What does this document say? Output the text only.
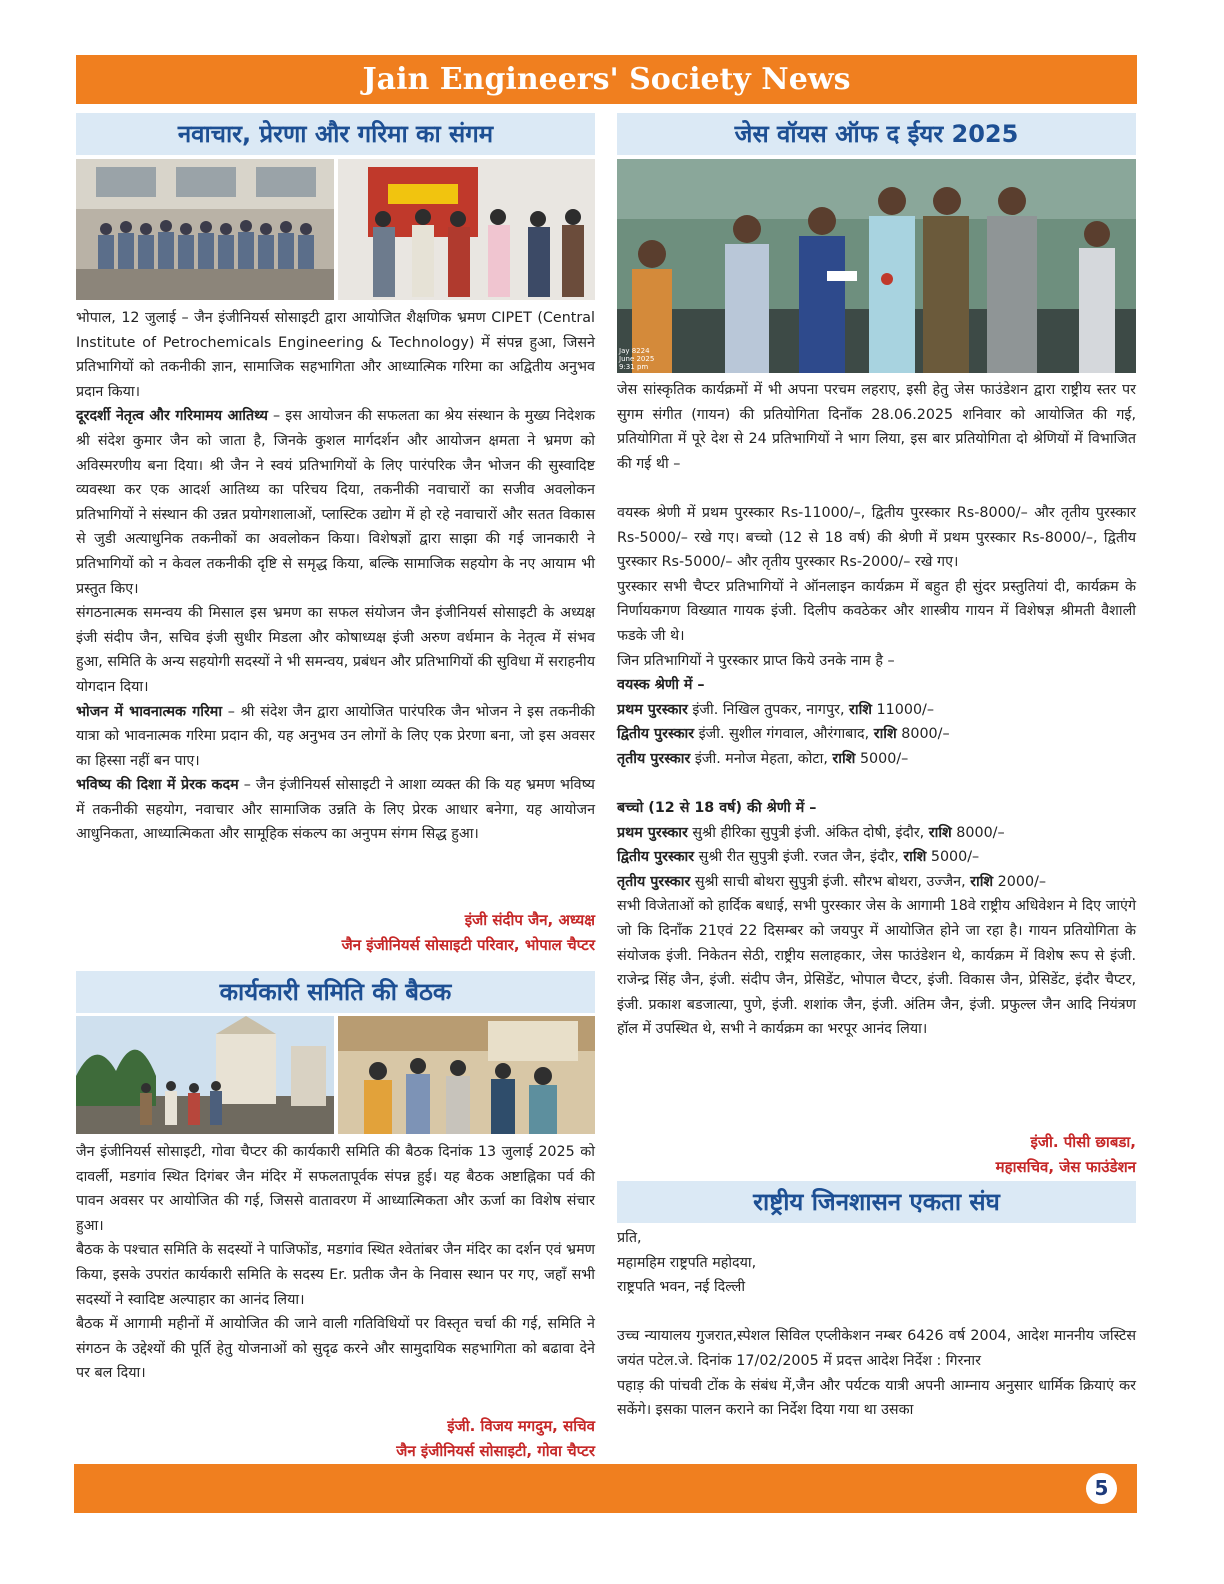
Jain Engineers' Society News
नवाचार, प्रेरणा और गरिमा का संगम

भोपाल, 12 जुलाई – जैन इंजीनियर्स सोसाइटी द्वारा आयोजित शैक्षणिक भ्रमण CIPET (Central Institute of Petrochemicals Engineering & Technology) में संपन्न हुआ, जिसने प्रतिभागियों को तकनीकी ज्ञान, सामाजिक सहभागिता और आध्यात्मिक गरिमा का अद्वितीय अनुभव प्रदान किया।

दूरदर्शी नेतृत्व और गरिमामय आतिथ्य – इस आयोजन की सफलता का श्रेय संस्थान के मुख्य निदेशक श्री संदेश कुमार जैन को जाता है, जिनके कुशल मार्गदर्शन और आयोजन क्षमता ने भ्रमण को अविस्मरणीय बना दिया। श्री जैन ने स्वयं प्रतिभागियों के लिए पारंपरिक जैन भोजन की सुस्वादिष्ट व्यवस्था कर एक आदर्श आतिथ्य का परिचय दिया, तकनीकी नवाचारों का सजीव अवलोकन प्रतिभागियों ने संस्थान की उन्नत प्रयोगशालाओं, प्लास्टिक उद्योग में हो रहे नवाचारों और सतत विकास से जुडी अत्याधुनिक तकनीकों का अवलोकन किया। विशेषज्ञों द्वारा साझा की गई जानकारी ने प्रतिभागियों को न केवल तकनीकी दृष्टि से समृद्ध किया, बल्कि सामाजिक सहयोग के नए आयाम भी प्रस्तुत किए।

संगठनात्मक समन्वय की मिसाल इस भ्रमण का सफल संयोजन जैन इंजीनियर्स सोसाइटी के अध्यक्ष इंजी संदीप जैन, सचिव इंजी सुधीर मिडला और कोषाध्यक्ष इंजी अरुण वर्धमान के नेतृत्व में संभव हुआ, समिति के अन्य सहयोगी सदस्यों ने भी समन्वय, प्रबंधन और प्रतिभागियों की सुविधा में सराहनीय योगदान दिया।

भोजन में भावनात्मक गरिमा – श्री संदेश जैन द्वारा आयोजित पारंपरिक जैन भोजन ने इस तकनीकी यात्रा को भावनात्मक गरिमा प्रदान की, यह अनुभव उन लोगों के लिए एक प्रेरणा बना, जो इस अवसर का हिस्सा नहीं बन पाए।

भविष्य की दिशा में प्रेरक कदम – जैन इंजीनियर्स सोसाइटी ने आशा व्यक्त की कि यह भ्रमण भविष्य में तकनीकी सहयोग, नवाचार और सामाजिक उन्नति के लिए प्रेरक आधार बनेगा, यह आयोजन आधुनिकता, आध्यात्मिकता और सामूहिक संकल्प का अनुपम संगम सिद्ध हुआ।

इंजी संदीप जैन, अध्यक्ष
जैन इंजीनियर्स सोसाइटी परिवार, भोपाल चैप्टर
कार्यकारी समिति की बैठक

जैन इंजीनियर्स सोसाइटी, गोवा चैप्टर की कार्यकारी समिति की बैठक दिनांक 13 जुलाई 2025 को दावर्ली, मडगांव स्थित दिगंबर जैन मंदिर में सफलतापूर्वक संपन्न हुई। यह बैठक अष्टाह्निका पर्व की पावन अवसर पर आयोजित की गई, जिससे वातावरण में आध्यात्मिकता और ऊर्जा का विशेष संचार हुआ।

बैठक के पश्चात समिति के सदस्यों ने पाजिफोंड, मडगांव स्थित श्वेतांबर जैन मंदिर का दर्शन एवं भ्रमण किया, इसके उपरांत कार्यकारी समिति के सदस्य Er. प्रतीक जैन के निवास स्थान पर गए, जहाँ सभी सदस्यों ने स्वादिष्ट अल्पाहार का आनंद लिया।

बैठक में आगामी महीनों में आयोजित की जाने वाली गतिविधियों पर विस्तृत चर्चा की गई, समिति ने संगठन के उद्देश्यों की पूर्ति हेतु योजनाओं को सुदृढ करने और सामुदायिक सहभागिता को बढावा देने पर बल दिया।

इंजी. विजय मगदुम, सचिव
जैन इंजीनियर्स सोसाइटी, गोवा चैप्टर
जेस वॉयस ऑफ द ईयर 2025
Jay 8224 June 2025 9:31 pm

जेस सांस्कृतिक कार्यक्रमों में भी अपना परचम लहराए, इसी हेतु जेस फाउंडेशन द्वारा राष्ट्रीय स्तर पर सुगम संगीत (गायन) की प्रतियोगिता दिनाँक 28.06.2025 शनिवार को आयोजित की गई, प्रतियोगिता में पूरे देश से 24 प्रतिभागियों ने भाग लिया, इस बार प्रतियोगिता दो श्रेणियों में विभाजित की गई थी –

वयस्क श्रेणी में प्रथम पुरस्कार Rs-11000/–, द्वितीय पुरस्कार Rs-8000/– और तृतीय पुरस्कार Rs-5000/– रखे गए। बच्चो (12 से 18 वर्ष) की श्रेणी में प्रथम पुरस्कार Rs-8000/–, द्वितीय पुरस्कार Rs-5000/– और तृतीय पुरस्कार Rs-2000/– रखे गए।

पुरस्कार सभी चैप्टर प्रतिभागियों ने ऑनलाइन कार्यक्रम में बहुत ही सुंदर प्रस्तुतियां दी, कार्यक्रम के निर्णायकगण विख्यात गायक इंजी. दिलीप कवठेकर और शास्त्रीय गायन में विशेषज्ञ श्रीमती वैशाली फडके जी थे।

जिन प्रतिभागियों ने पुरस्कार प्राप्त किये उनके नाम है –

वयस्क श्रेणी में –

प्रथम पुरस्कार इंजी. निखिल तुपकर, नागपुर, राशि 11000/–

द्वितीय पुरस्कार इंजी. सुशील गंगवाल, औरंगाबाद, राशि 8000/–

तृतीय पुरस्कार इंजी. मनोज मेहता, कोटा, राशि 5000/–

बच्चो (12 से 18 वर्ष) की श्रेणी में –

प्रथम पुरस्कार सुश्री हीरिका सुपुत्री इंजी. अंकित दोषी, इंदौर, राशि 8000/–

द्वितीय पुरस्कार सुश्री रीत सुपुत्री इंजी. रजत जैन, इंदौर, राशि 5000/–

तृतीय पुरस्कार सुश्री साची बोथरा सुपुत्री इंजी. सौरभ बोथरा, उज्जैन, राशि 2000/–

सभी विजेताओं को हार्दिक बधाई, सभी पुरस्कार जेस के आगामी 18वे राष्ट्रीय अधिवेशन मे दिए जाएंगे जो कि दिनाँक 21एवं 22 दिसम्बर को जयपुर में आयोजित होने जा रहा है। गायन प्रतियोगिता के संयोजक इंजी. निकेतन सेठी, राष्ट्रीय सलाहकार, जेस फाउंडेशन थे, कार्यक्रम में विशेष रूप से इंजी. राजेन्द्र सिंह जैन, इंजी. संदीप जैन, प्रेसिडेंट, भोपाल चैप्टर, इंजी. विकास जैन, प्रेसिडेंट, इंदौर चैप्टर, इंजी. प्रकाश बडजात्या, पुणे, इंजी. शशांक जैन, इंजी. अंतिम जैन, इंजी. प्रफुल्ल जैन आदि नियंत्रण हॉल में उपस्थित थे, सभी ने कार्यक्रम का भरपूर आनंद लिया।

इंजी. पीसी छाबडा,
महासचिव, जेस फाउंडेशन
राष्ट्रीय जिनशासन एकता संघ

प्रति,

महामहिम राष्ट्रपति महोदया,

राष्ट्रपति भवन, नई दिल्ली

उच्च न्यायालय गुजरात,स्पेशल सिविल एप्लीकेशन नम्बर 6426 वर्ष 2004, आदेश माननीय जस्टिस जयंत पटेल.जे. दिनांक 17/02/2005 में प्रदत्त आदेश निर्देश : गिरनार

पहाड़ की पांचवी टोंक के संबंध में,जैन और पर्यटक यात्री अपनी आम्नाय अनुसार धार्मिक क्रियाएं कर सकेंगे। इसका पालन कराने का निर्देश दिया गया था उसका

5
